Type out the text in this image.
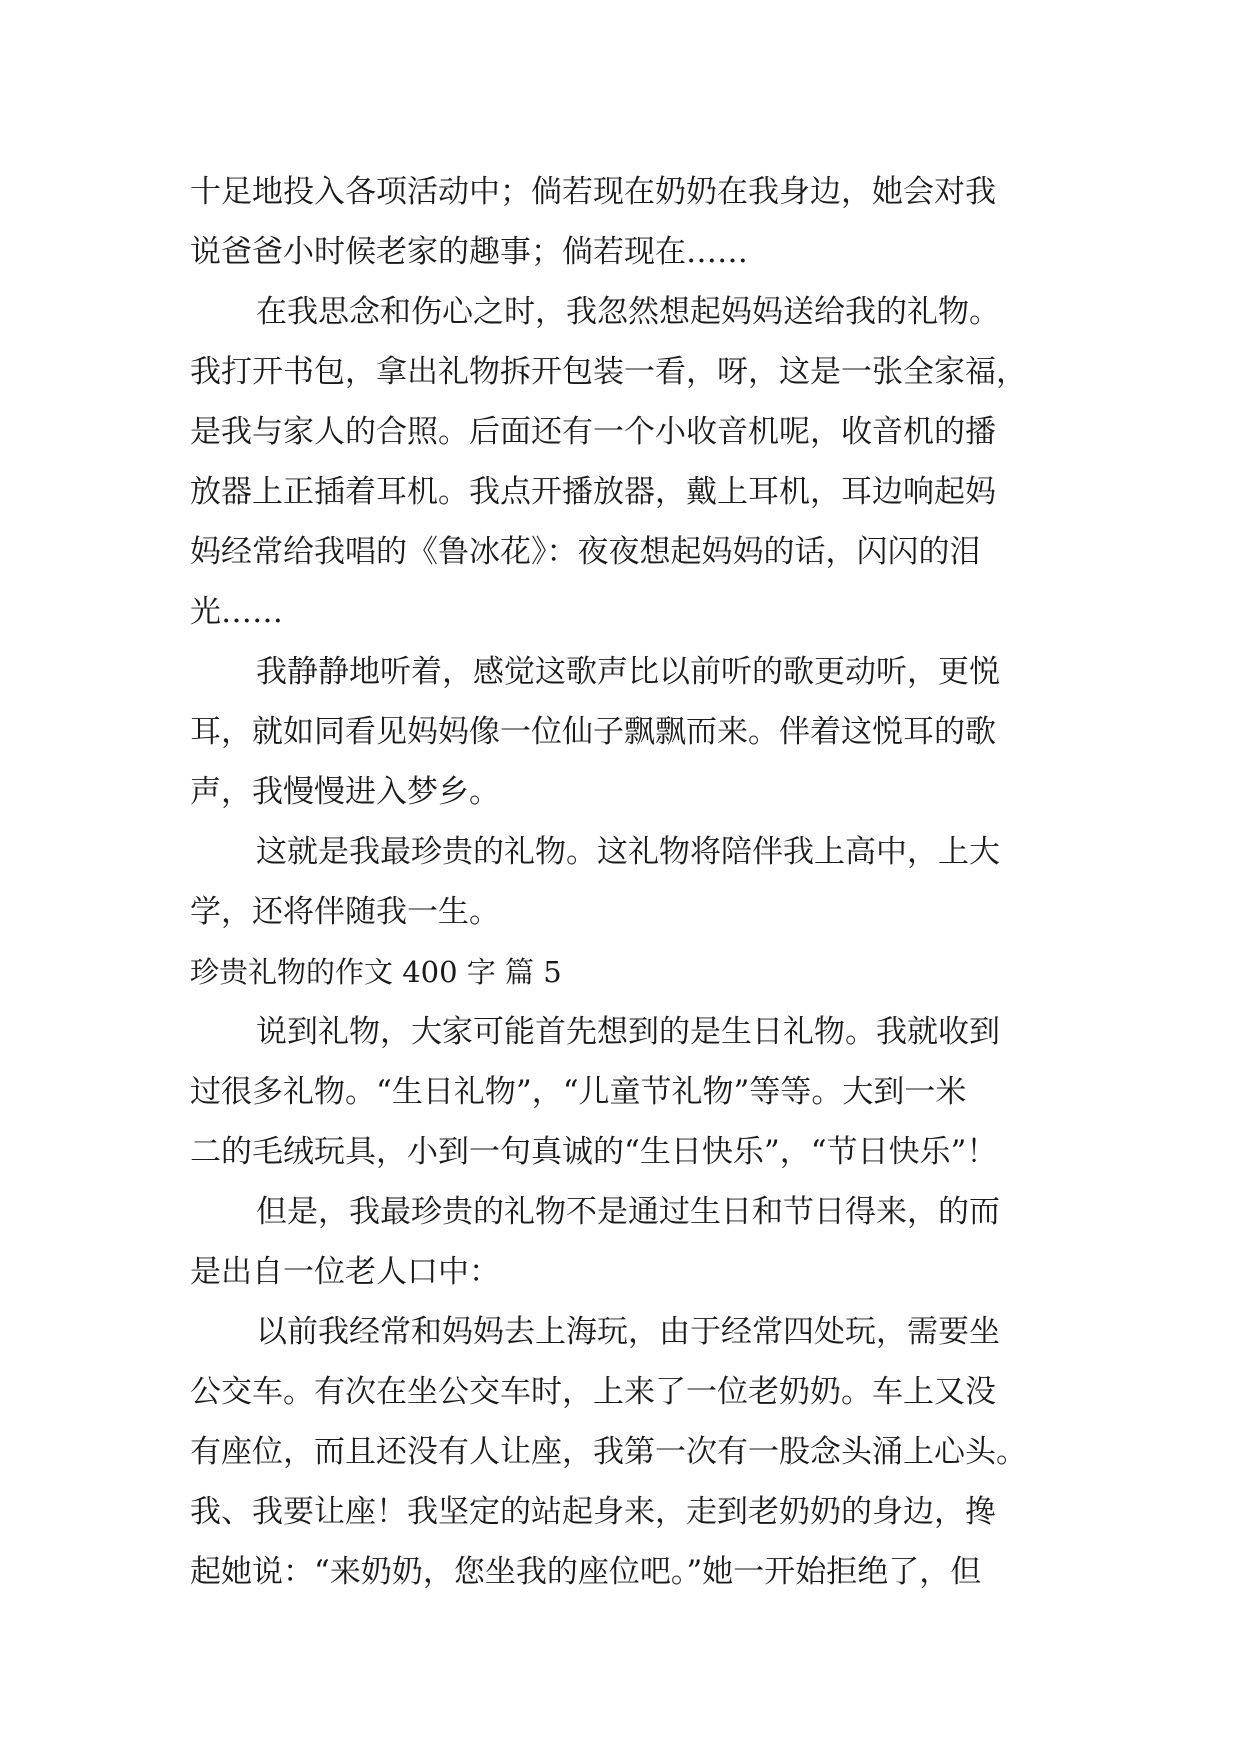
十足地投入各项活动中；倘若现在奶奶在我身边，她会对我
说爸爸小时候老家的趣事；倘若现在……
在我思念和伤心之时，我忽然想起妈妈送给我的礼物。
我打开书包，拿出礼物拆开包装一看，呀，这是一张全家福，
是我与家人的合照。后面还有一个小收音机呢，收音机的播
放器上正插着耳机。我点开播放器，戴上耳机，耳边响起妈
妈经常给我唱的《鲁冰花》：夜夜想起妈妈的话，闪闪的泪
光……
我静静地听着，感觉这歌声比以前听的歌更动听，更悦
耳，就如同看见妈妈像一位仙子飘飘而来。伴着这悦耳的歌
声，我慢慢进入梦乡。
这就是我最珍贵的礼物。这礼物将陪伴我上高中，上大
学，还将伴随我一生。
珍贵礼物的作文 400 字 篇 5
说到礼物，大家可能首先想到的是生日礼物。我就收到
过很多礼物。“生日礼物”，“儿童节礼物”等等。大到一米
二的毛绒玩具，小到一句真诚的“生日快乐”，“节日快乐”！
但是，我最珍贵的礼物不是通过生日和节日得来，的而
是出自一位老人口中：
以前我经常和妈妈去上海玩，由于经常四处玩，需要坐
公交车。有次在坐公交车时，上来了一位老奶奶。车上又没
有座位，而且还没有人让座，我第一次有一股念头涌上心头。
我、我要让座！我坚定的站起身来，走到老奶奶的身边，搀
起她说：“来奶奶，您坐我的座位吧。”她一开始拒绝了，但
